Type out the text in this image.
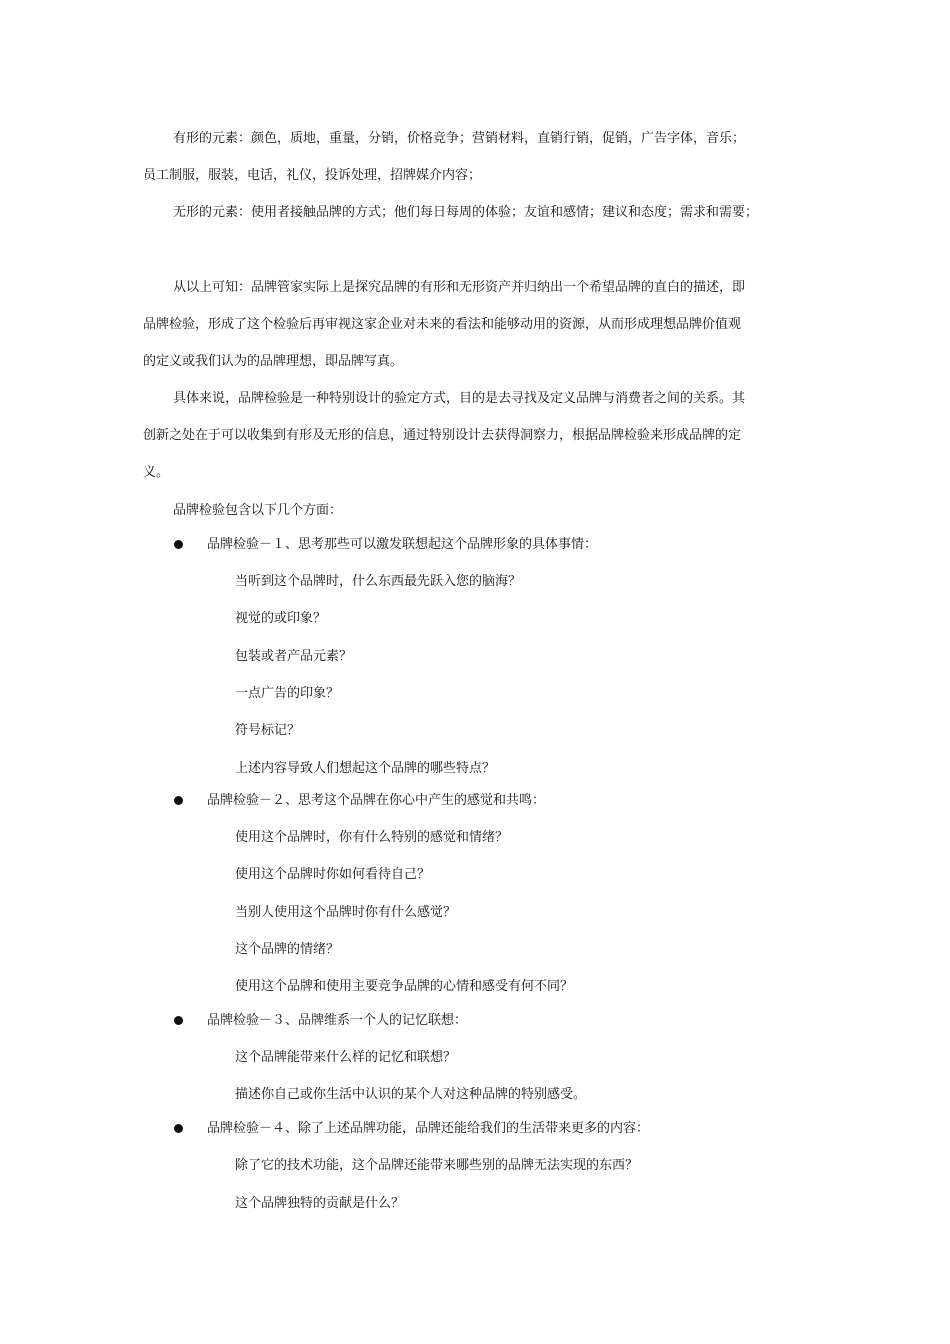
有形的元素：颜色，质地，重量，分销，价格竞争；营销材料，直销行销，促销，广告字体，音乐；
员工制服，服装，电话，礼仪，投诉处理，招牌媒介内容；
无形的元素：使用者接触品牌的方式；他们每日每周的体验；友谊和感情；建议和态度；需求和需要；
从以上可知：品牌管家实际上是探究品牌的有形和无形资产并归纳出一个希望品牌的直白的描述，即
品牌检验，形成了这个检验后再审视这家企业对未来的看法和能够动用的资源，从而形成理想品牌价值观
的定义或我们认为的品牌理想，即品牌写真。
具体来说，品牌检验是一种特别设计的验定方式，目的是去寻找及定义品牌与消费者之间的关系。其
创新之处在于可以收集到有形及无形的信息，通过特别设计去获得洞察力，根据品牌检验来形成品牌的定
义。
品牌检验包含以下几个方面：
品牌检验－１、思考那些可以激发联想起这个品牌形象的具体事情：
当听到这个品牌时，什么东西最先跃入您的脑海？
视觉的或印象？
包装或者产品元素？
一点广告的印象？
符号标记？
上述内容导致人们想起这个品牌的哪些特点？
品牌检验－２、思考这个品牌在你心中产生的感觉和共鸣：
使用这个品牌时，你有什么特别的感觉和情绪？
使用这个品牌时你如何看待自己？
当别人使用这个品牌时你有什么感觉？
这个品牌的情绪？
使用这个品牌和使用主要竞争品牌的心情和感受有何不同？
品牌检验－３、品牌维系一个人的记忆联想：
这个品牌能带来什么样的记忆和联想？
描述你自己或你生活中认识的某个人对这种品牌的特别感受。
品牌检验－４、除了上述品牌功能，品牌还能给我们的生活带来更多的内容：
除了它的技术功能，这个品牌还能带来哪些别的品牌无法实现的东西？
这个品牌独特的贡献是什么？
